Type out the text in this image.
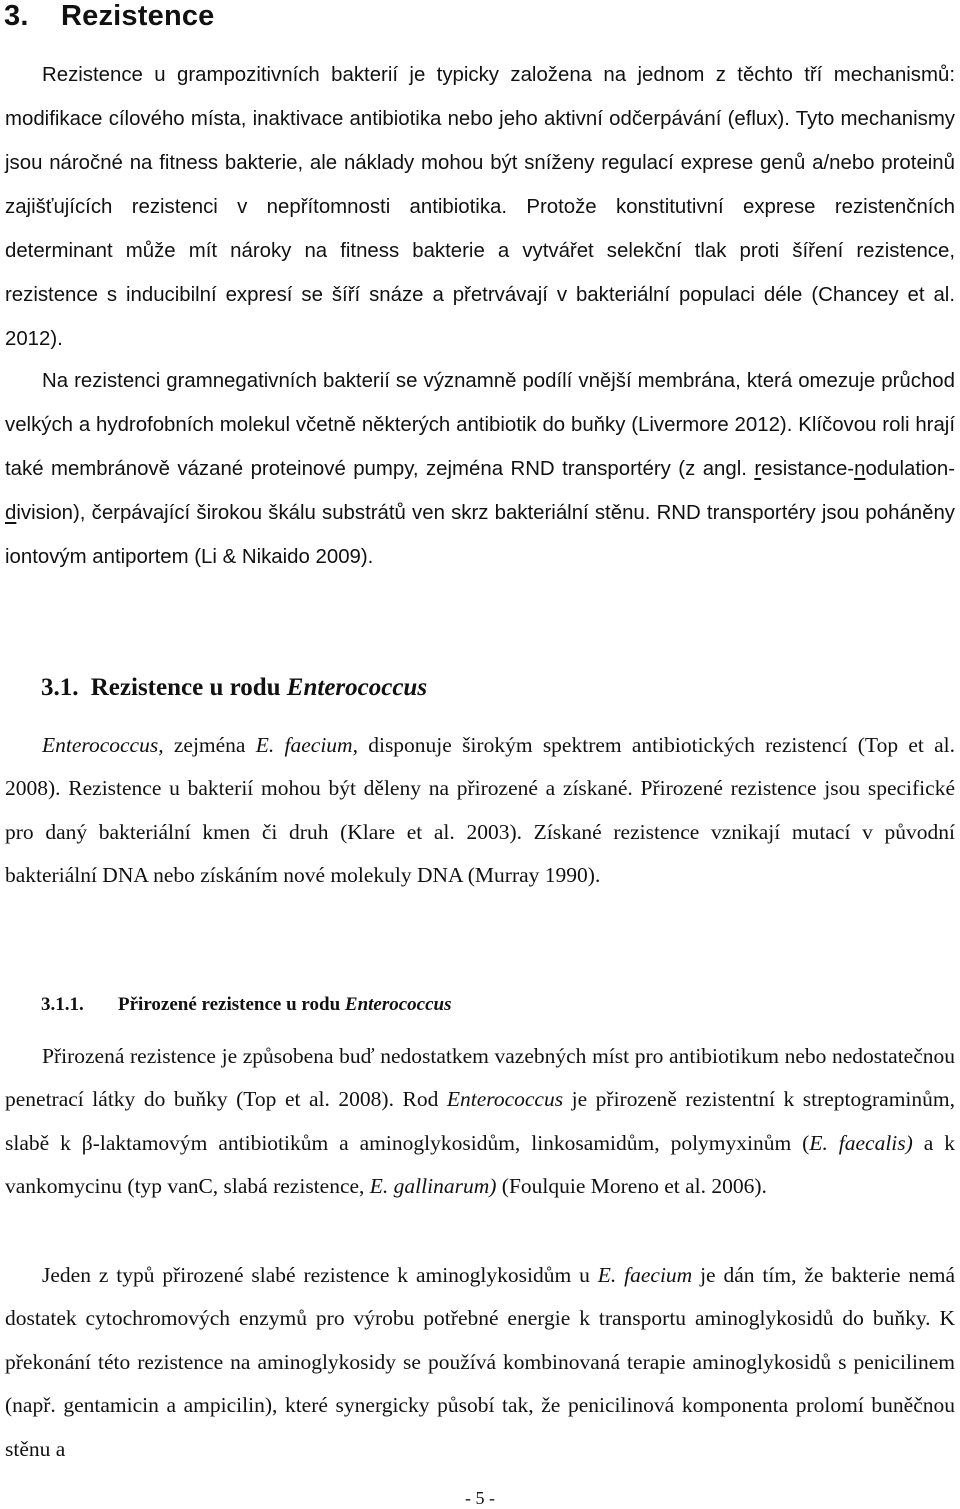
3. Rezistence

Rezistence u grampozitivních bakterií je typicky založena na jednom z těchto tří mechanismů: modifikace cílového místa, inaktivace antibiotika nebo jeho aktivní odčerpávání (eflux). Tyto mechanismy jsou náročné na fitness bakterie, ale náklady mohou být sníženy regulací exprese genů a/nebo proteinů zajišťujících rezistenci v nepřítomnosti antibiotika. Protože konstitutivní exprese rezistenčních determinant může mít nároky na fitness bakterie a vytvářet selekční tlak proti šíření rezistence, rezistence s inducibilní expresí se šíří snáze a přetrvávají v bakteriální populaci déle (Chancey et al. 2012).

Na rezistenci gramnegativních bakterií se významně podílí vnější membrána, která omezuje průchod velkých a hydrofobních molekul včetně některých antibiotik do buňky (Livermore 2012). Klíčovou roli hrají také membránově vázané proteinové pumpy, zejména RND transportéry (z angl. resistance-nodulation-division), čerpávající širokou škálu substrátů ven skrz bakteriální stěnu. RND transportéry jsou poháněny iontovým antiportem (Li & Nikaido 2009).

3.1. Rezistence u rodu Enterococcus

Enterococcus, zejména E. faecium, disponuje širokým spektrem antibiotických rezistencí (Top et al. 2008). Rezistence u bakterií mohou být děleny na přirozené a získané. Přirozené rezistence jsou specifické pro daný bakteriální kmen či druh (Klare et al. 2003). Získané rezistence vznikají mutací v původní bakteriální DNA nebo získáním nové molekuly DNA (Murray 1990).

3.1.1. Přirozené rezistence u rodu Enterococcus

Přirozená rezistence je způsobena buď nedostatkem vazebných míst pro antibiotikum nebo nedostatečnou penetrací látky do buňky (Top et al. 2008). Rod Enterococcus je přirozeně rezistentní k streptograminům, slabě k β-laktamovým antibiotikům a aminoglykosidům, linkosamidům, polymyxinům (E. faecalis) a k vankomycinu (typ vanC, slabá rezistence, E. gallinarum) (Foulquie Moreno et al. 2006).

Jeden z typů přirozené slabé rezistence k aminoglykosidům u E. faecium je dán tím, že bakterie nemá dostatek cytochromových enzymů pro výrobu potřebné energie k transportu aminoglykosidů do buňky. K překonání této rezistence na aminoglykosidy se používá kombinovaná terapie aminoglykosidů s penicilinem (např. gentamicin a ampicilin), které synergicky působí tak, že penicilinová komponenta prolomí buněčnou stěnu a

- 5 -
